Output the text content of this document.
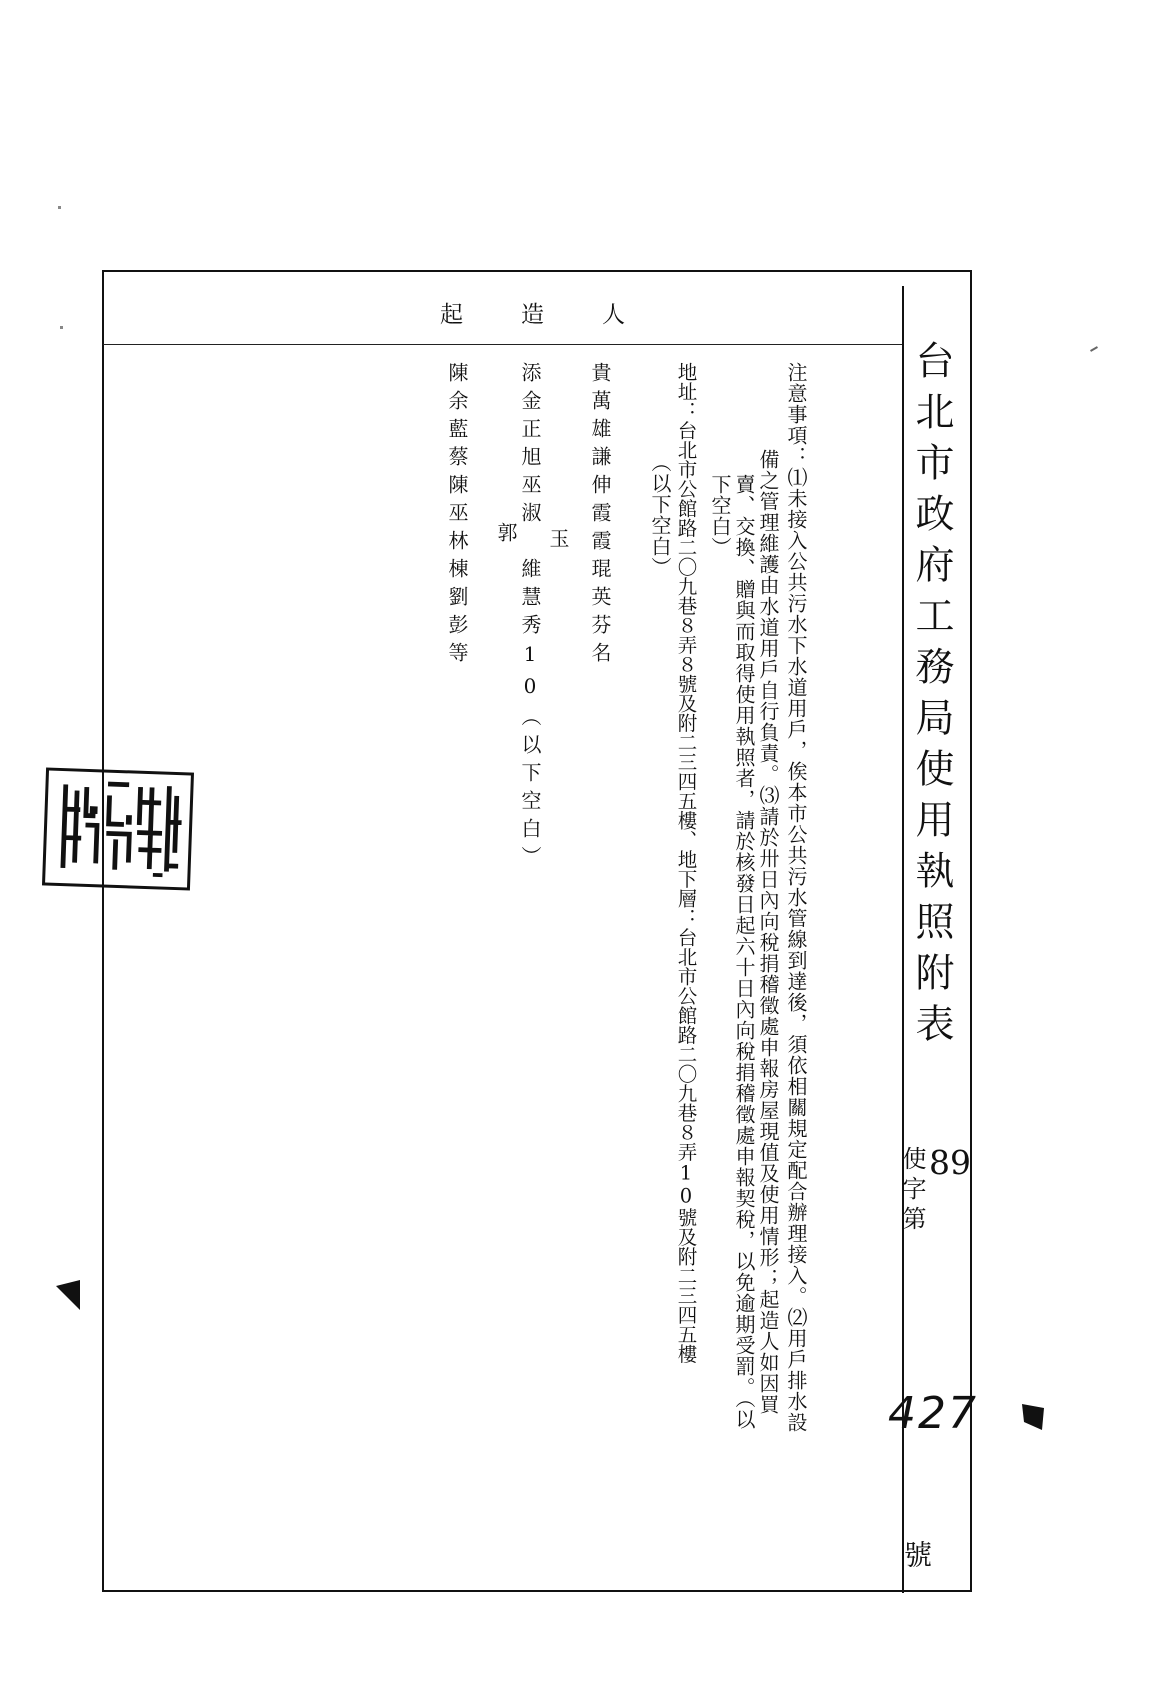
台北市政府工務局使用執照附表
89
使字第
427
號
注意事項：⑴未接入公共污水下水道用戶，俟本市公共污水管線到達後，須依相關規定配合辦理接入。⑵用戶排水設
備之管理維護由水道用戶自行負責。⑶請於卅日內向稅捐稽徵處申報房屋現值及使用情形；起造人如因買
賣、交換、贈與而取得使用執照者，請於核發日起六十日內向稅捐稽徵處申報契稅，以免逾期受罰。（以
下空白）
地址：台北市公館路二〇九巷８弄８號及附二三四五樓、地下層：台北市公館路二〇九巷８弄10號及附二三四五樓
（以下空白）
起　　造　　人
貴萬雄謙伸霞霞琨英芬名
玉
郭 添金正旭巫淑　維慧秀10（以下空白）
陳余藍蔡陳巫林棟劉彭等
